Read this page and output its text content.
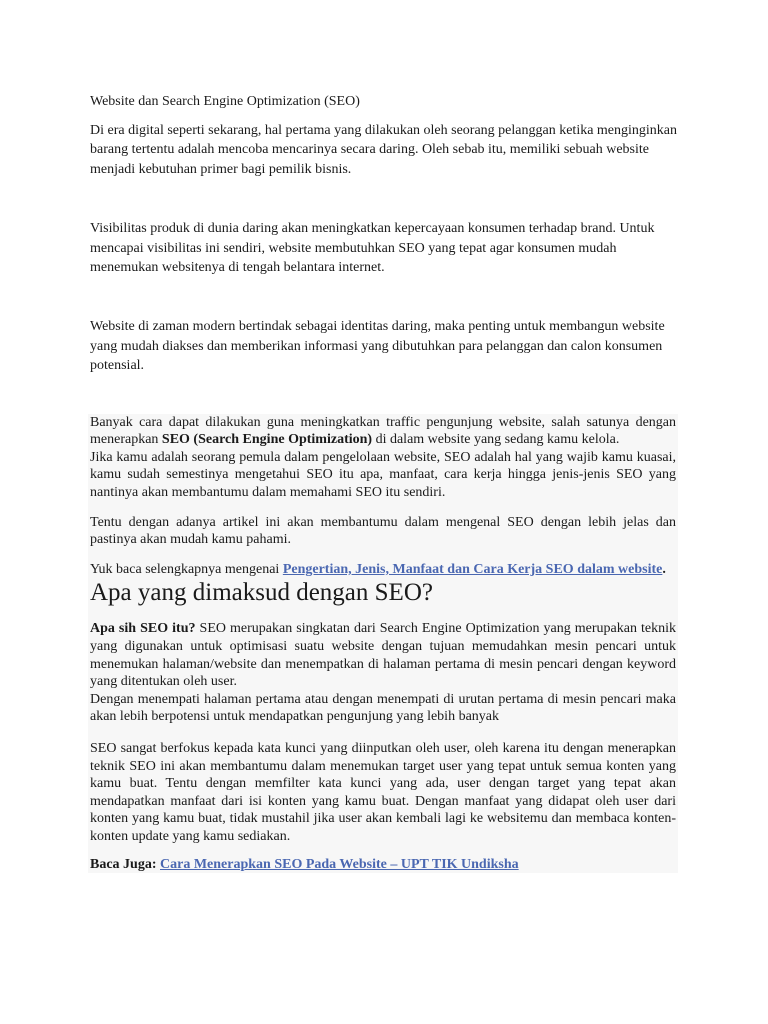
Website dan Search Engine Optimization (SEO)

Di era digital seperti sekarang, hal pertama yang dilakukan oleh seorang pelanggan ketika menginginkan barang tertentu adalah mencoba mencarinya secara daring. Oleh sebab itu, memiliki sebuah website menjadi kebutuhan primer bagi pemilik bisnis.

Visibilitas produk di dunia daring akan meningkatkan kepercayaan konsumen terhadap brand. Untuk mencapai visibilitas ini sendiri, website membutuhkan SEO yang tepat agar konsumen mudah menemukan websitenya di tengah belantara internet.

Website di zaman modern bertindak sebagai identitas daring, maka penting untuk membangun website yang mudah diakses dan memberikan informasi yang dibutuhkan para pelanggan dan calon konsumen potensial.

Banyak cara dapat dilakukan guna meningkatkan traffic pengunjung website, salah satunya dengan menerapkan SEO (Search Engine Optimization) di dalam website yang sedang kamu kelola.

Jika kamu adalah seorang pemula dalam pengelolaan website, SEO adalah hal yang wajib kamu kuasai, kamu sudah semestinya mengetahui SEO itu apa, manfaat, cara kerja hingga jenis-jenis SEO yang nantinya akan membantumu dalam memahami SEO itu sendiri.

Tentu dengan adanya artikel ini akan membantumu dalam mengenal SEO dengan lebih jelas dan pastinya akan mudah kamu pahami.

Yuk baca selengkapnya mengenai Pengertian, Jenis, Manfaat dan Cara Kerja SEO dalam website.

Apa yang dimaksud dengan SEO?

Apa sih SEO itu? SEO merupakan singkatan dari Search Engine Optimization yang merupakan teknik yang digunakan untuk optimisasi suatu website dengan tujuan memudahkan mesin pencari untuk menemukan halaman/website dan menempatkan di halaman pertama di mesin pencari dengan keyword yang ditentukan oleh user.

Dengan menempati halaman pertama atau dengan menempati di urutan pertama di mesin pencari maka akan lebih berpotensi untuk mendapatkan pengunjung yang lebih banyak

SEO sangat berfokus kepada kata kunci yang diinputkan oleh user, oleh karena itu dengan menerapkan teknik SEO ini akan membantumu dalam menemukan target user yang tepat untuk semua konten yang kamu buat. Tentu dengan memfilter kata kunci yang ada, user dengan target yang tepat akan mendapatkan manfaat dari isi konten yang kamu buat. Dengan manfaat yang didapat oleh user dari konten yang kamu buat, tidak mustahil jika user akan kembali lagi ke websitemu dan membaca konten-konten update yang kamu sediakan.

Baca Juga: Cara Menerapkan SEO Pada Website – UPT TIK Undiksha
